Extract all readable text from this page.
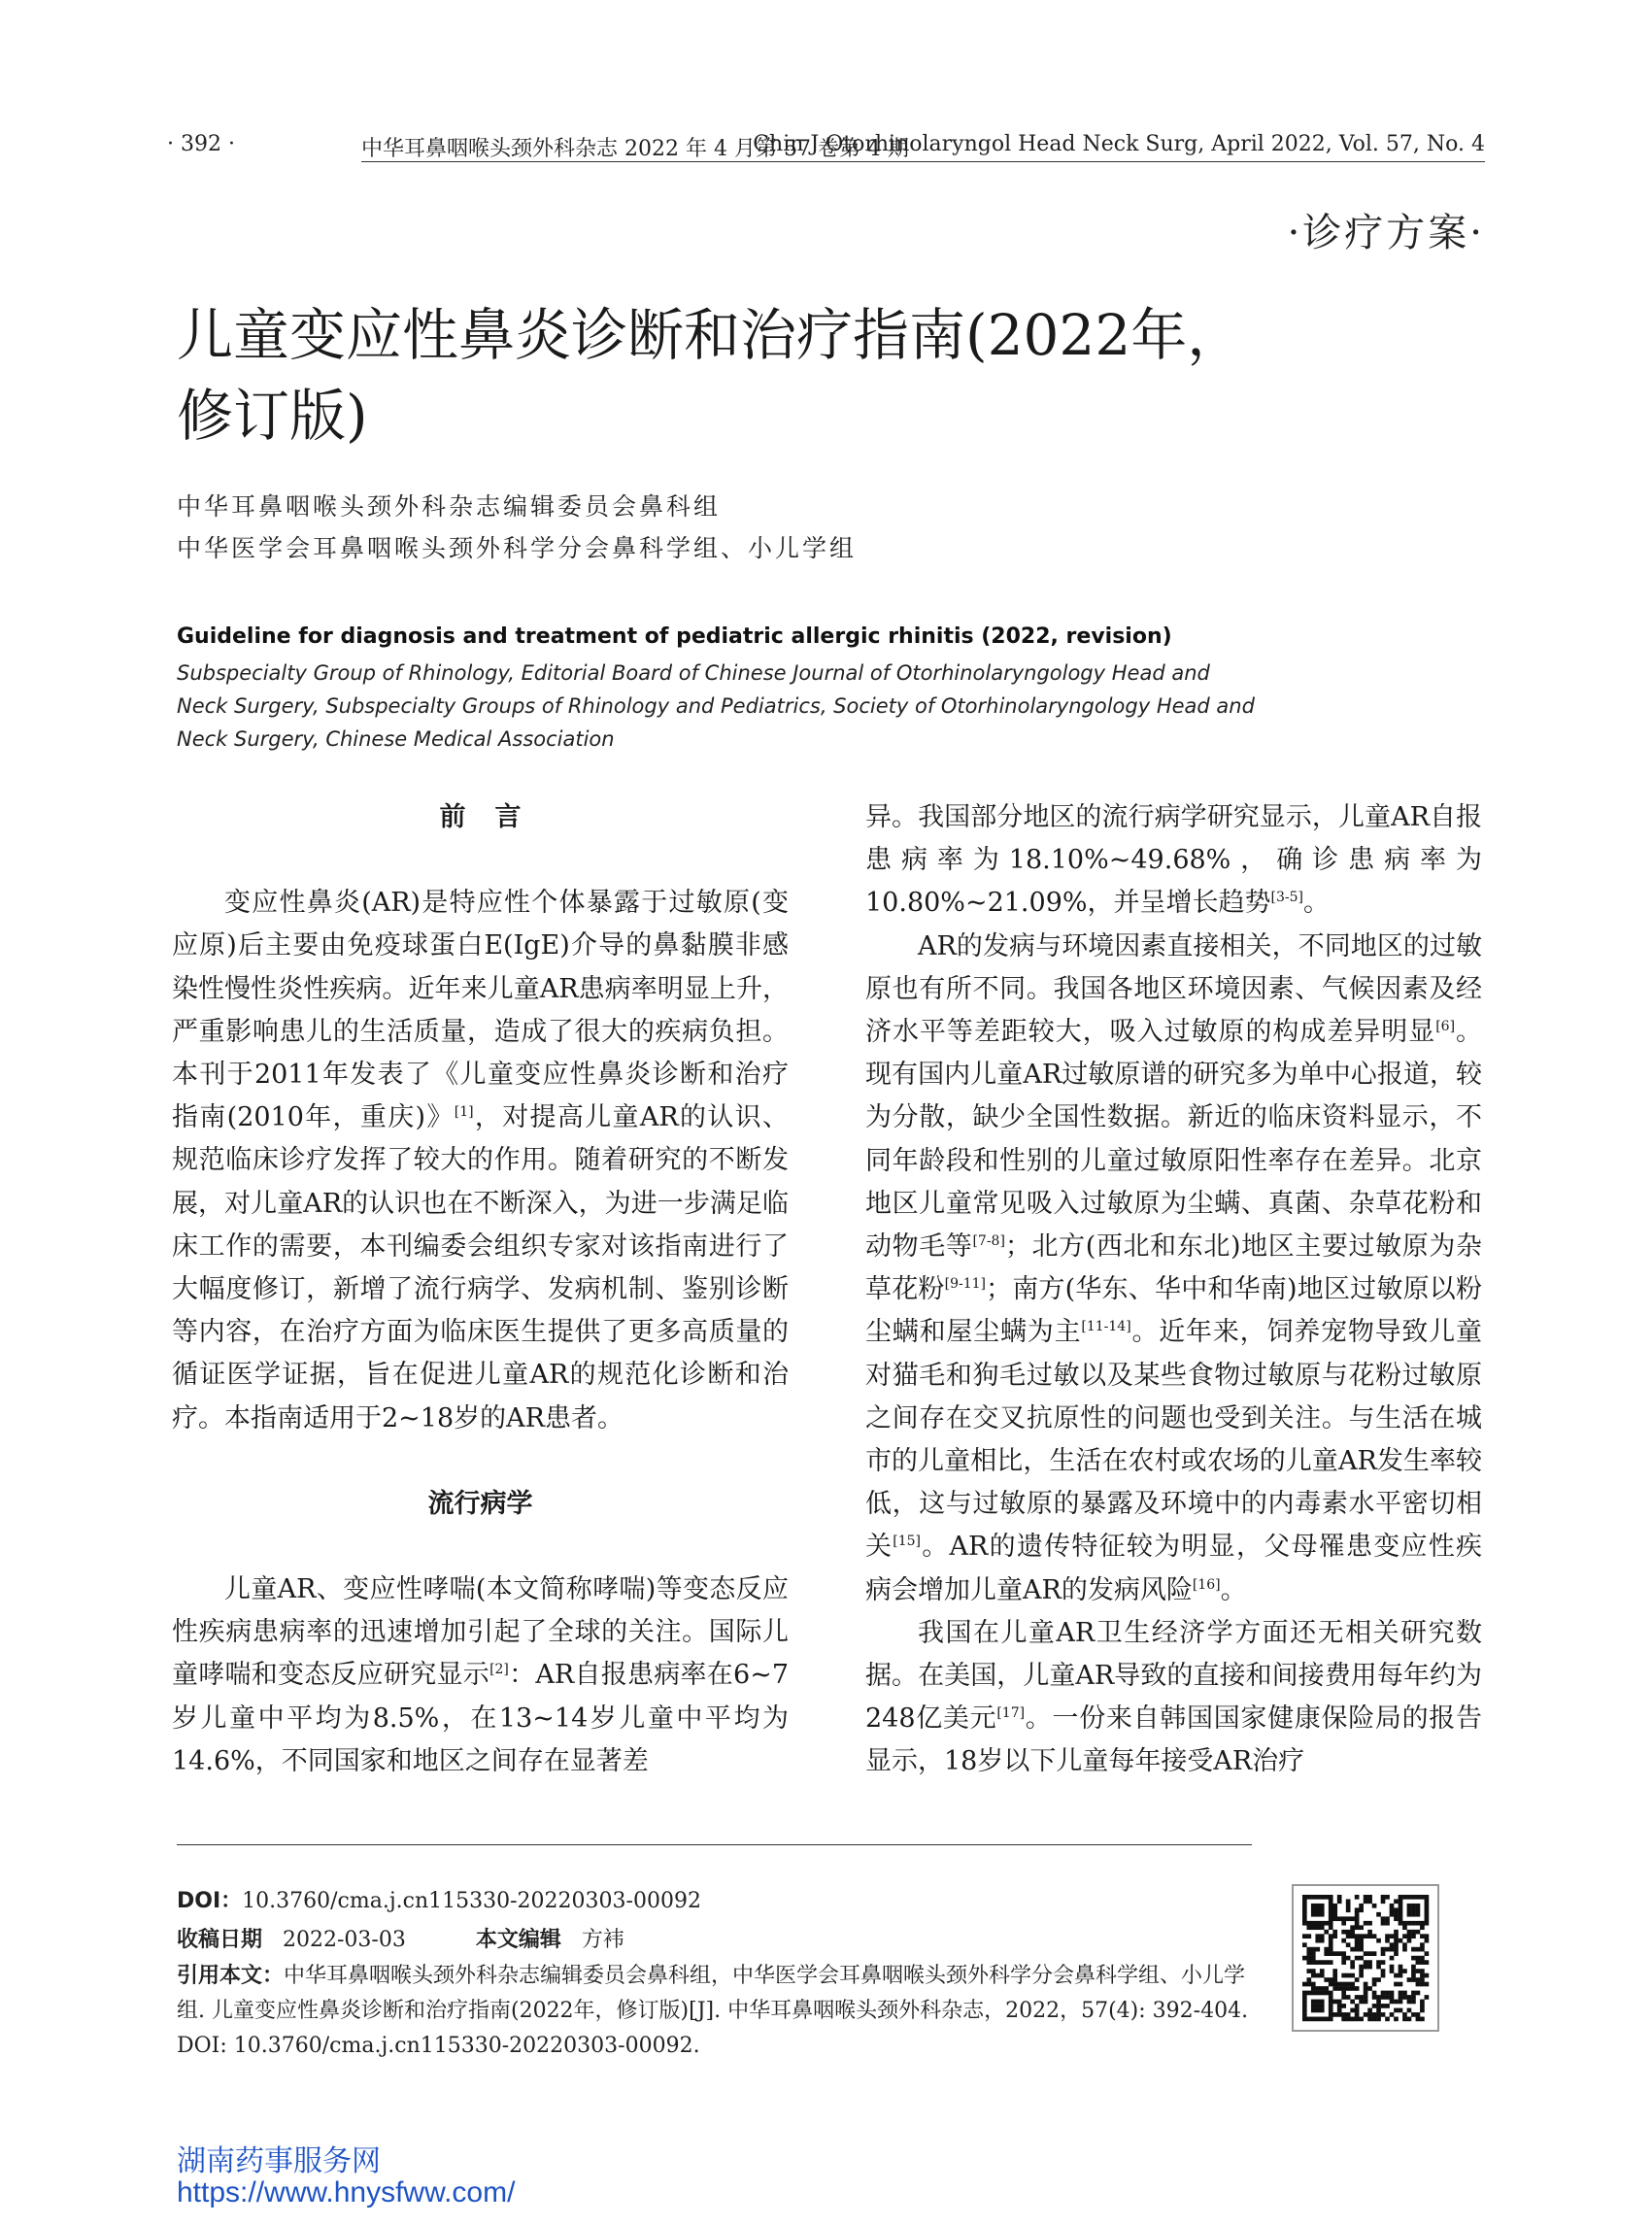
· 392 ·	中华耳鼻咽喉头颈外科杂志 2022 年 4 月第 57 卷第 4 期
Chin J Otorhinolaryngol Head Neck Surg, April 2022, Vol. 57, No. 4
·诊疗方案·
儿童变应性鼻炎诊断和治疗指南(2022年，修订版)
中华耳鼻咽喉头颈外科杂志编辑委员会鼻科组
中华医学会耳鼻咽喉头颈外科学分会鼻科学组、小儿学组
Guideline for diagnosis and treatment of pediatric allergic rhinitis (2022, revision)
Subspecialty Group of Rhinology, Editorial Board of Chinese Journal of Otorhinolaryngology Head and Neck Surgery, Subspecialty Groups of Rhinology and Pediatrics, Society of Otorhinolaryngology Head and Neck Surgery, Chinese Medical Association
前言

变应性鼻炎(AR)是特应性个体暴露于过敏原(变应原)后主要由免疫球蛋白E(IgE)介导的鼻黏膜非感染性慢性炎性疾病。近年来儿童AR患病率明显上升，严重影响患儿的生活质量，造成了很大的疾病负担。本刊于2011年发表了《儿童变应性鼻炎诊断和治疗指南(2010年，重庆)》[1]，对提高儿童AR的认识、规范临床诊疗发挥了较大的作用。随着研究的不断发展，对儿童AR的认识也在不断深入，为进一步满足临床工作的需要，本刊编委会组织专家对该指南进行了大幅度修订，新增了流行病学、发病机制、鉴别诊断等内容，在治疗方面为临床医生提供了更多高质量的循证医学证据，旨在促进儿童AR的规范化诊断和治疗。本指南适用于2~18岁的AR患者。

流行病学

儿童AR、变应性哮喘(本文简称哮喘)等变态反应性疾病患病率的迅速增加引起了全球的关注。国际儿童哮喘和变态反应研究显示[2]：AR自报患病率在6~7岁儿童中平均为8.5%，在13~14岁儿童中平均为14.6%，不同国家和地区之间存在显著差

异。我国部分地区的流行病学研究显示，儿童AR自报患病率为18.10%~49.68%，确诊患病率为10.80%~21.09%，并呈增长趋势[3-5]。

AR的发病与环境因素直接相关，不同地区的过敏原也有所不同。我国各地区环境因素、气候因素及经济水平等差距较大，吸入过敏原的构成差异明显[6]。现有国内儿童AR过敏原谱的研究多为单中心报道，较为分散，缺少全国性数据。新近的临床资料显示，不同年龄段和性别的儿童过敏原阳性率存在差异。北京地区儿童常见吸入过敏原为尘螨、真菌、杂草花粉和动物毛等[7-8]；北方(西北和东北)地区主要过敏原为杂草花粉[9-11]；南方(华东、华中和华南)地区过敏原以粉尘螨和屋尘螨为主[11-14]。近年来，饲养宠物导致儿童对猫毛和狗毛过敏以及某些食物过敏原与花粉过敏原之间存在交叉抗原性的问题也受到关注。与生活在城市的儿童相比，生活在农村或农场的儿童AR发生率较低，这与过敏原的暴露及环境中的内毒素水平密切相关[15]。AR的遗传特征较为明显，父母罹患变应性疾病会增加儿童AR的发病风险[16]。

我国在儿童AR卫生经济学方面还无相关研究数据。在美国，儿童AR导致的直接和间接费用每年约为248亿美元[17]。一份来自韩国国家健康保险局的报告显示，18岁以下儿童每年接受AR治疗

DOI：10.3760/cma.j.cn115330-20220303-00092
收稿日期 2022-03-03	本文编辑 方袆
引用本文：中华耳鼻咽喉头颈外科杂志编辑委员会鼻科组，中华医学会耳鼻咽喉头颈外科学分会鼻科学组、小儿学组. 儿童变应性鼻炎诊断和治疗指南(2022年，修订版)[J]. 中华耳鼻咽喉头颈外科杂志，2022，57(4): 392-404. DOI: 10.3760/cma.j.cn115330-20220303-00092.
湖南药事服务网
https://www.hnysfww.com/
